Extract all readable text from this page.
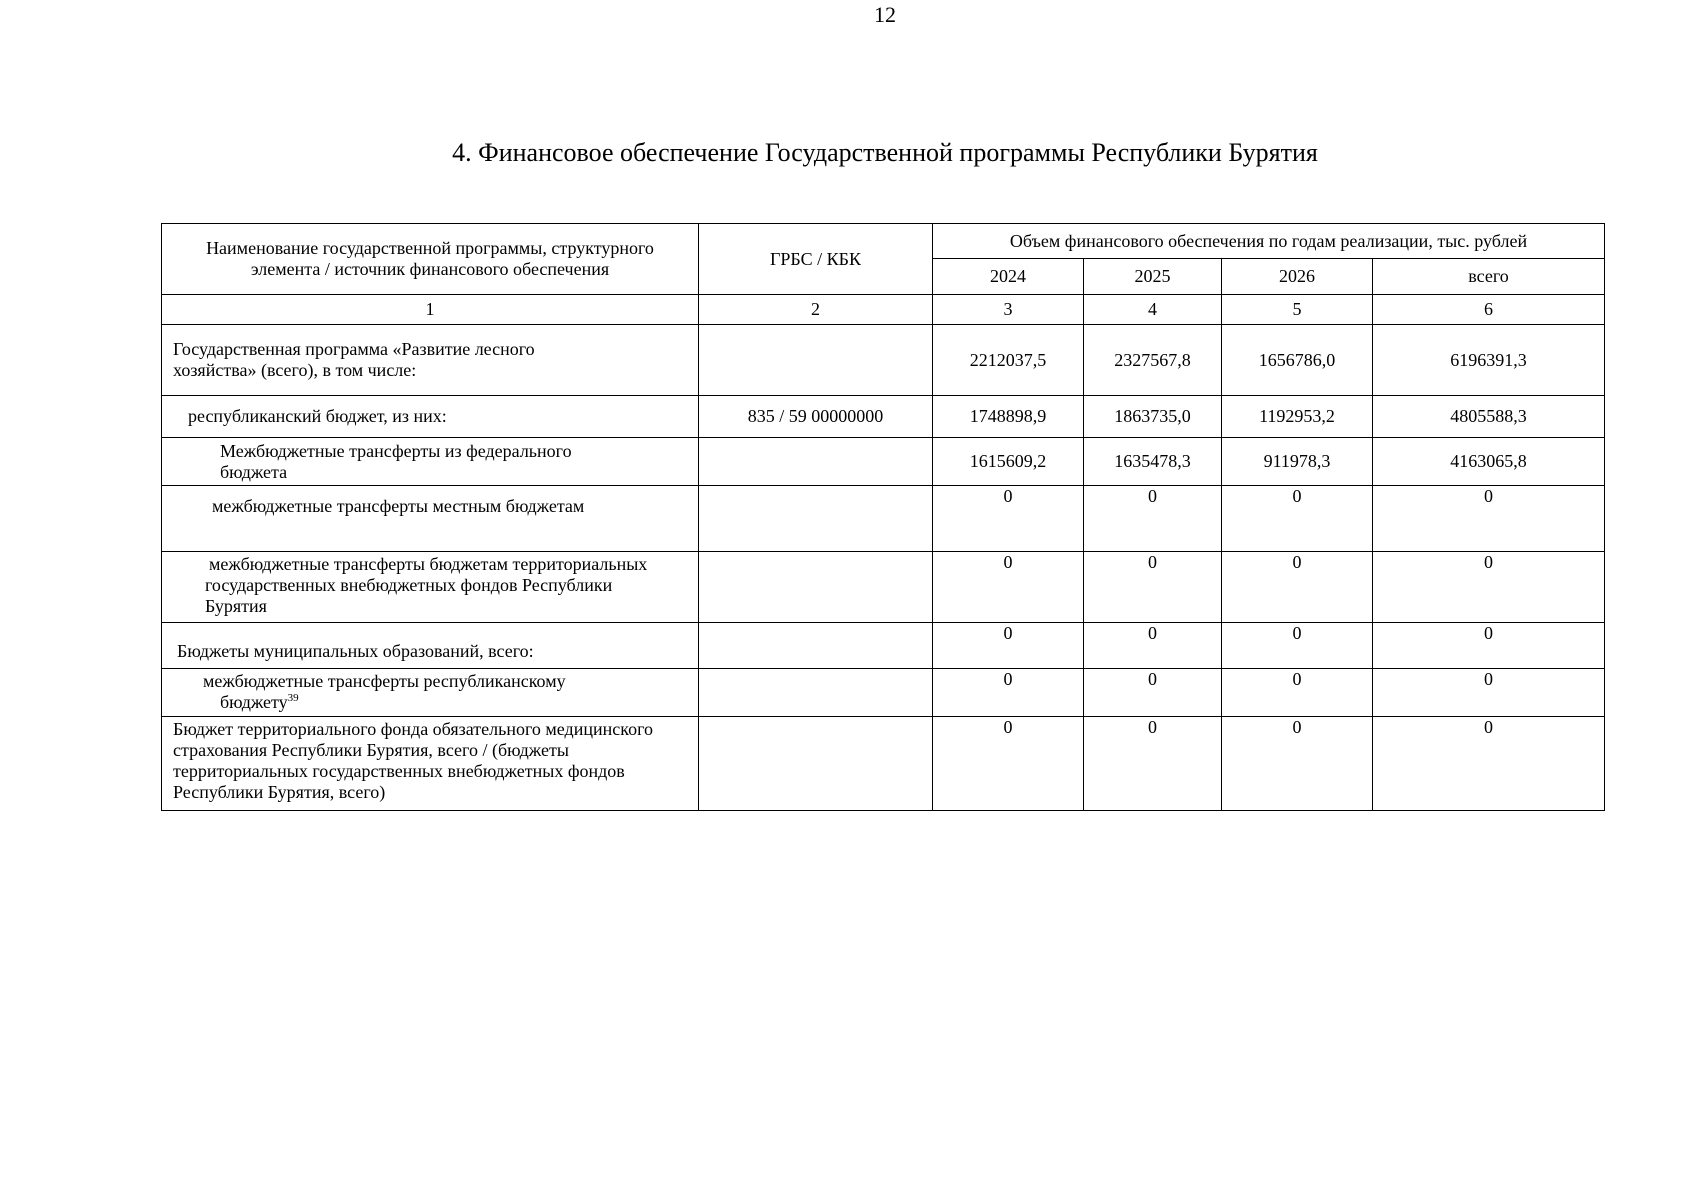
12
4. Финансовое обеспечение Государственной программы Республики Бурятия
Наименование государственной программы, структурного элемента / источник финансового обеспечения	ГРБС / КБК	Объем финансового обеспечения по годам реализации, тыс. рублей			
		2024	2025	2026	всего
1	2	3	4	5	6

Государственная программа «Развитие лесного хозяйства» (всего), в том числе:		2212037,5	2327567,8	1656786,0	6196391,3

республиканский бюджет, из них:	835 / 59 00000000	1748898,9	1863735,0	1192953,2	4805588,3

Межбюджетные трансферты из федерального бюджета		1615609,2	1635478,3	911978,3	4163065,8

межбюджетные трансферты местным бюджетам		0	0	0	0

межбюджетные трансферты бюджетам территориальных государственных внебюджетных фондов Республики Бурятия		0	0	0	0

Бюджеты муниципальных образований, всего:		0	0	0	0

межбюджетные трансферты республиканскому бюджету$^{39}$		0	0	0	0

Бюджет территориального фонда обязательного медицинского страхования Республики Бурятия, всего / (бюджеты территориальных государственных внебюджетных фондов Республики Бурятия, всего)		0	0	0	0
